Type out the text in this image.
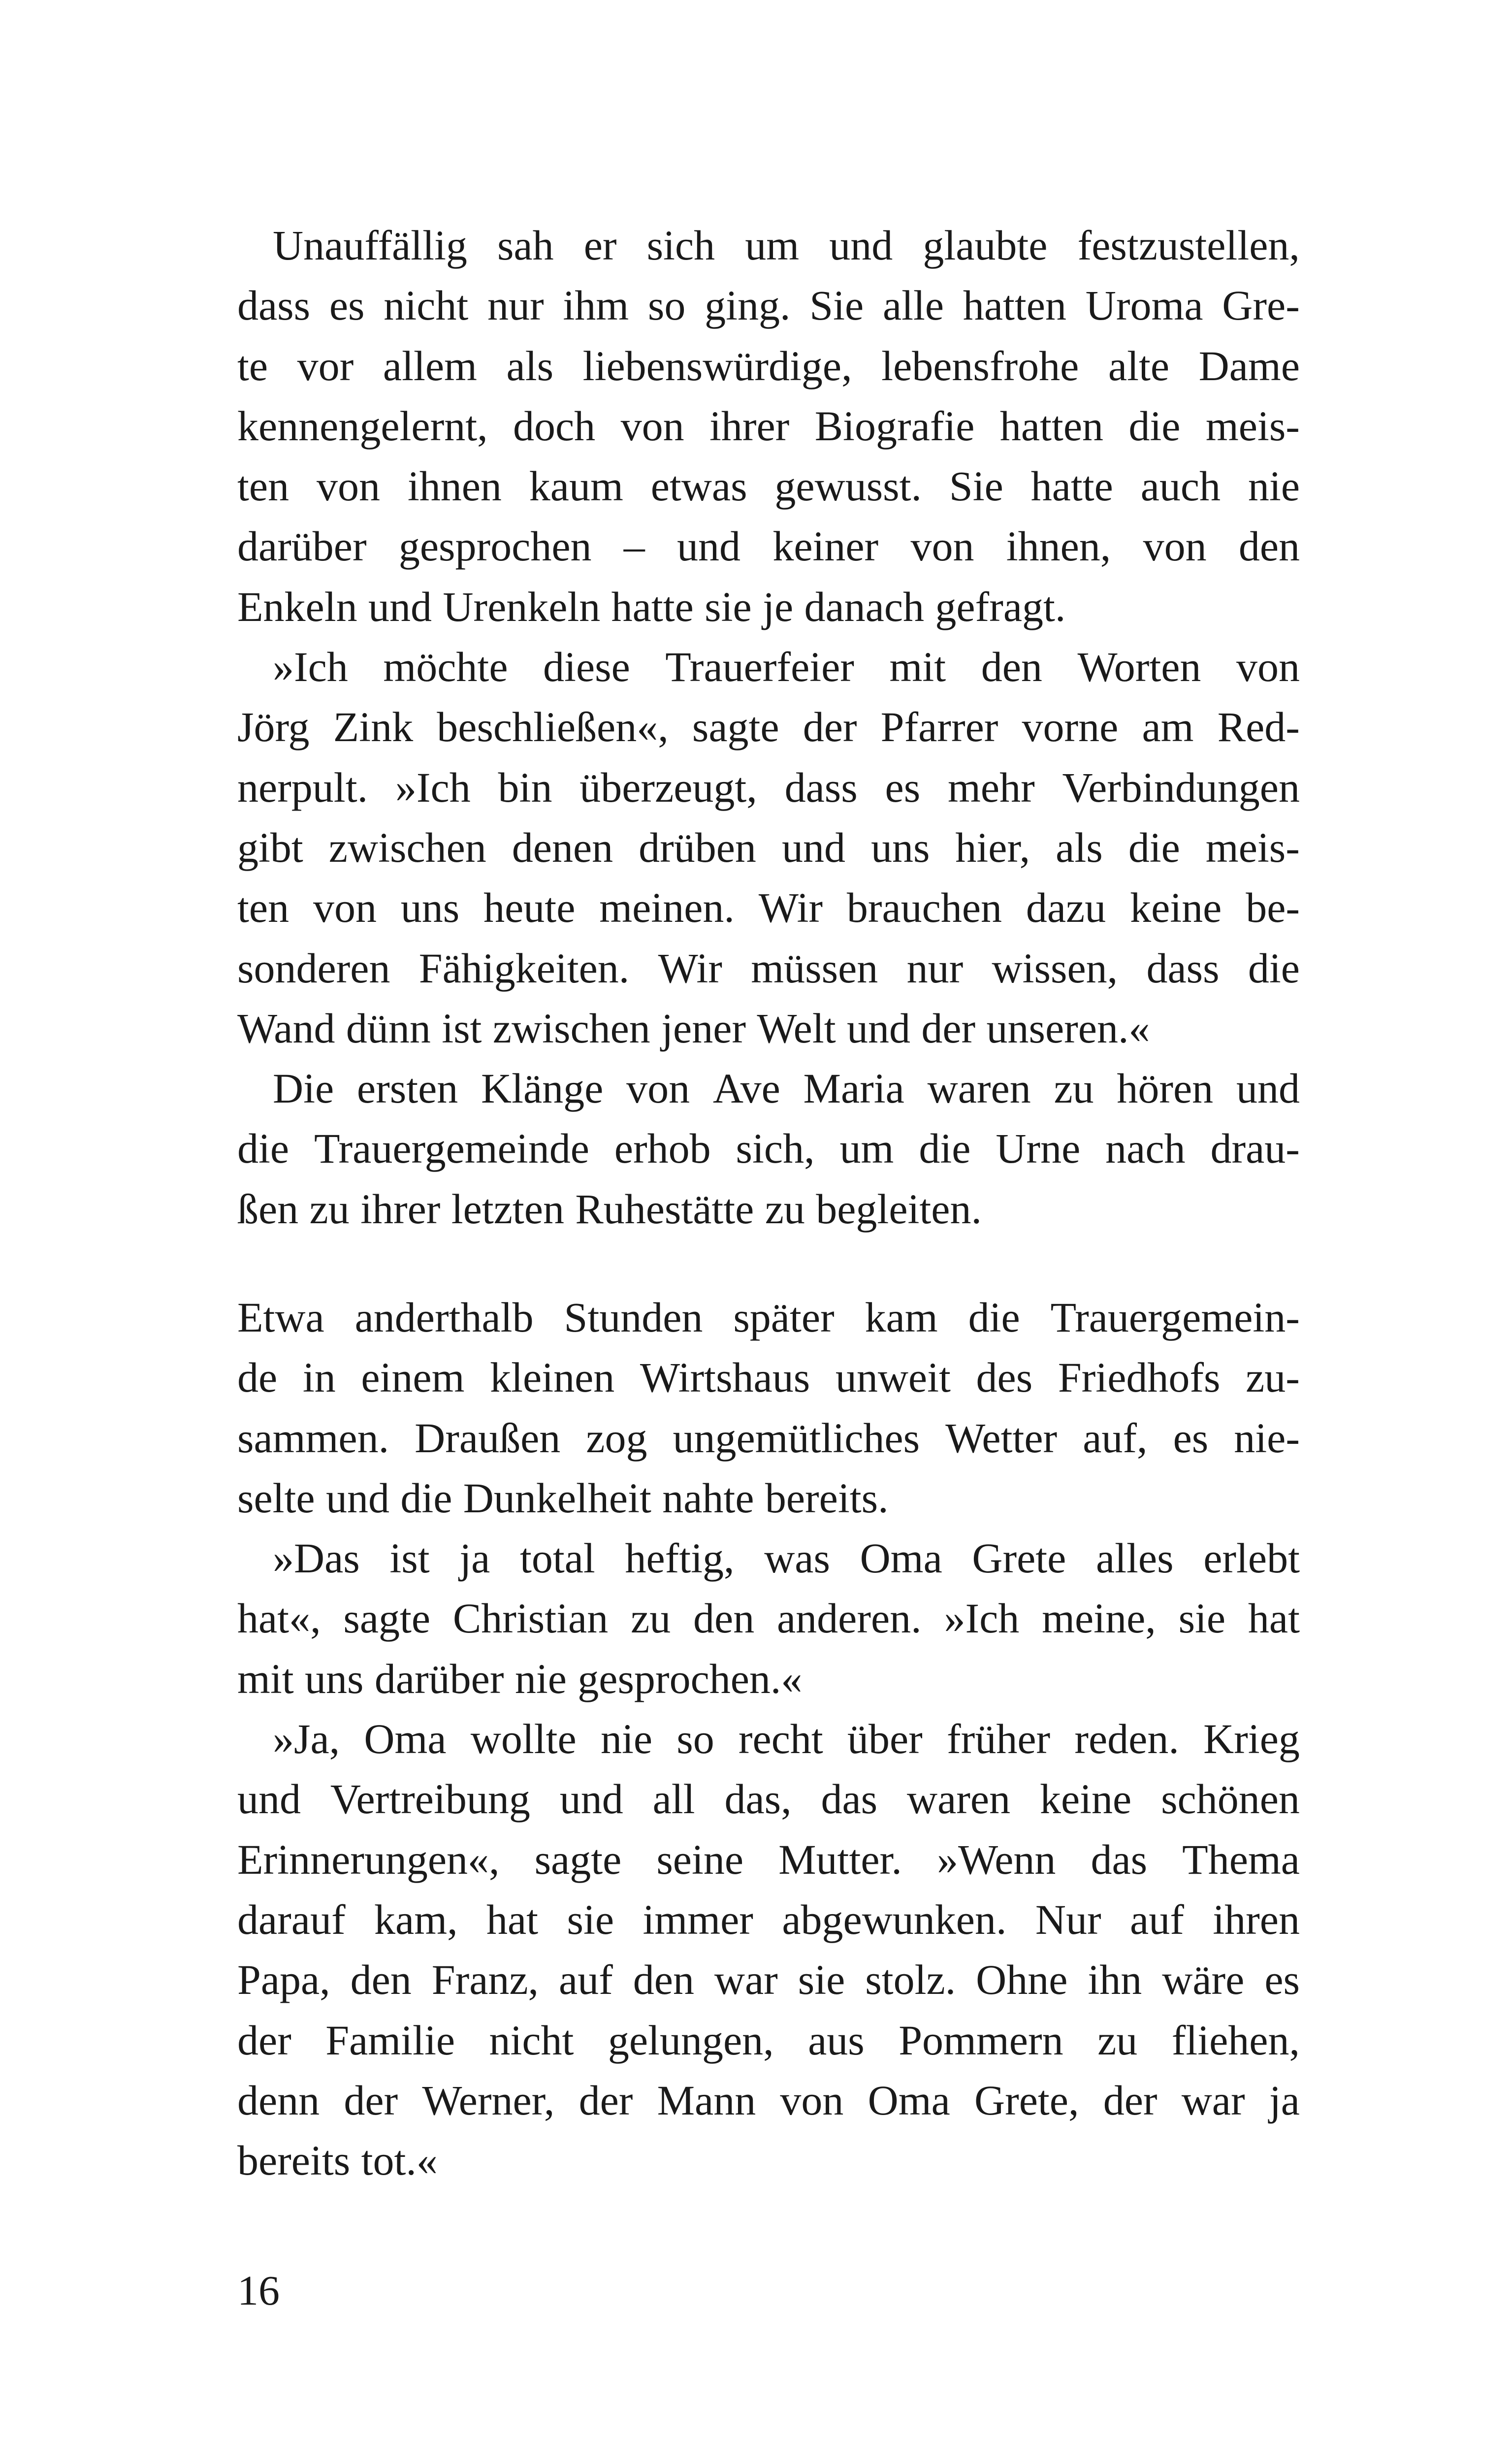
Unauffällig sah er sich um und glaubte festzustellen,
dass es nicht nur ihm so ging. Sie alle hatten Uroma Gre-
te vor allem als liebenswürdige, lebensfrohe alte Dame
kennengelernt, doch von ihrer Biografie hatten die meis-
ten von ihnen kaum etwas gewusst. Sie hatte auch nie
darüber gesprochen – und keiner von ihnen, von den
Enkeln und Urenkeln hatte sie je danach gefragt.
»Ich möchte diese Trauerfeier mit den Worten von
Jörg Zink beschließen«, sagte der Pfarrer vorne am Red-
nerpult. »Ich bin überzeugt, dass es mehr Verbindungen
gibt zwischen denen drüben und uns hier, als die meis-
ten von uns heute meinen. Wir brauchen dazu keine be-
sonderen Fähigkeiten. Wir müssen nur wissen, dass die
Wand dünn ist zwischen jener Welt und der unseren.«
Die ersten Klänge von Ave Maria waren zu hören und
die Trauergemeinde erhob sich, um die Urne nach drau-
ßen zu ihrer letzten Ruhestätte zu begleiten.
Etwa anderthalb Stunden später kam die Trauergemein-
de in einem kleinen Wirtshaus unweit des Friedhofs zu-
sammen. Draußen zog ungemütliches Wetter auf, es nie-
selte und die Dunkelheit nahte bereits.
»Das ist ja total heftig, was Oma Grete alles erlebt
hat«, sagte Christian zu den anderen. »Ich meine, sie hat
mit uns darüber nie gesprochen.«
»Ja, Oma wollte nie so recht über früher reden. Krieg
und Vertreibung und all das, das waren keine schönen
Erinnerungen«, sagte seine Mutter. »Wenn das Thema
darauf kam, hat sie immer abgewunken. Nur auf ihren
Papa, den Franz, auf den war sie stolz. Ohne ihn wäre es
der Familie nicht gelungen, aus Pommern zu fliehen,
denn der Werner, der Mann von Oma Grete, der war ja
bereits tot.«
16
